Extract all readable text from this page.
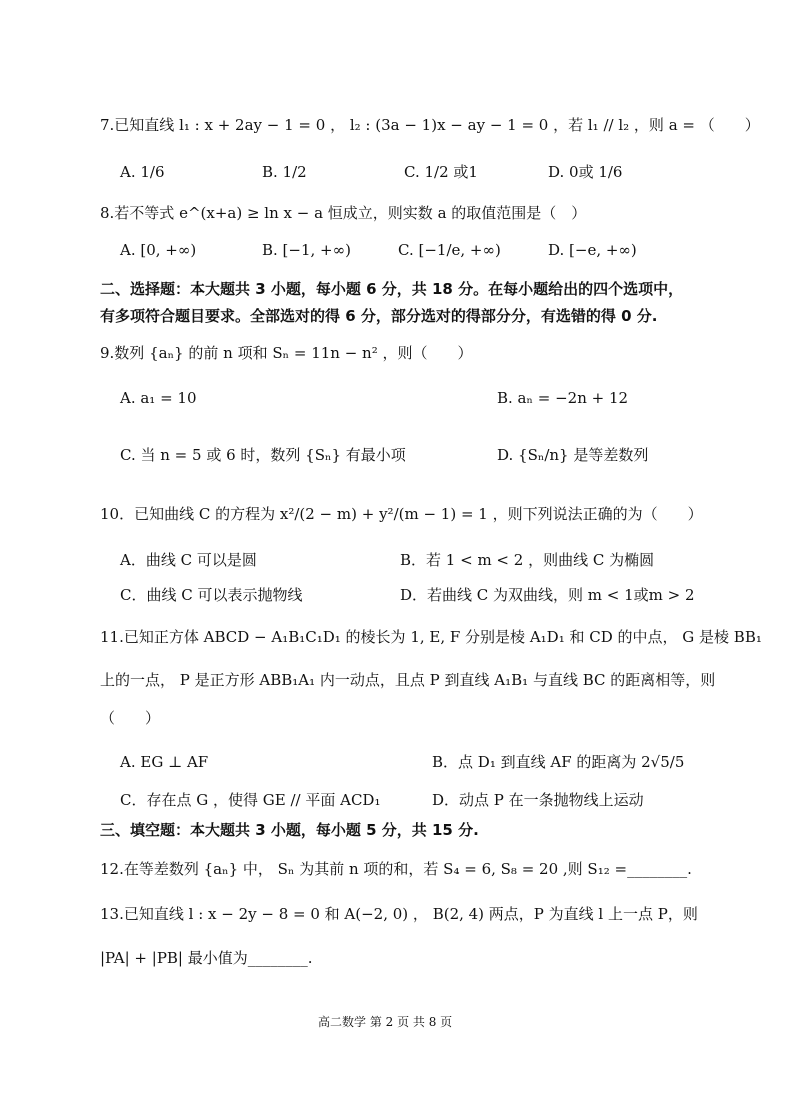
7.已知直线 l₁ : x + 2ay − 1 = 0 ， l₂ : (3a − 1)x − ay − 1 = 0 ，若 l₁ // l₂ ，则 a = （　　）
A. 1/6	B. 1/2	C. 1/2 或1	D. 0或 1/6
8.若不等式 e^(x+a) ≥ ln x − a 恒成立，则实数 a 的取值范围是（　）
A. [0, +∞)	B. [−1, +∞)	C. [−1/e, +∞)	D. [−e, +∞)
二、选择题：本大题共 3 小题，每小题 6 分，共 18 分。在每小题给出的四个选项中，
有多项符合题目要求。全部选对的得 6 分，部分选对的得部分分，有选错的得 0 分.
9.数列 {aₙ} 的前 n 项和 Sₙ = 11n − n² ，则（　　）
A. a₁ = 10	B. aₙ = −2n + 12
C. 当 n = 5 或 6 时，数列 {Sₙ} 有最小项	D. {Sₙ/n} 是等差数列
10．已知曲线 C 的方程为 x²/(2 − m) + y²/(m − 1) = 1 ，则下列说法正确的为（　　）
A．曲线 C 可以是圆	B．若 1 < m < 2 ，则曲线 C 为椭圆
C．曲线 C 可以表示抛物线	D．若曲线 C 为双曲线，则 m < 1或m > 2
11.已知正方体 ABCD − A₁B₁C₁D₁ 的棱长为 1, E, F 分别是棱 A₁D₁ 和 CD 的中点， G 是棱 BB₁
上的一点， P 是正方形 ABB₁A₁ 内一动点，且点 P 到直线 A₁B₁ 与直线 BC 的距离相等，则
（　　）
A. EG ⊥ AF	B．点 D₁ 到直线 AF 的距离为 2√5/5
C．存在点 G ，使得 GE // 平面 ACD₁	D．动点 P 在一条抛物线上运动
三、填空题：本大题共 3 小题，每小题 5 分，共 15 分.
12.在等差数列 {aₙ} 中， Sₙ 为其前 n 项的和，若 S₄ = 6, S₈ = 20 ,则 S₁₂ =________.
13.已知直线 l : x − 2y − 8 = 0 和 A(−2, 0) ， B(2, 4) 两点，P 为直线 l 上一点 P，则
|PA| + |PB| 最小值为________.
高二数学 第 2 页 共 8 页
